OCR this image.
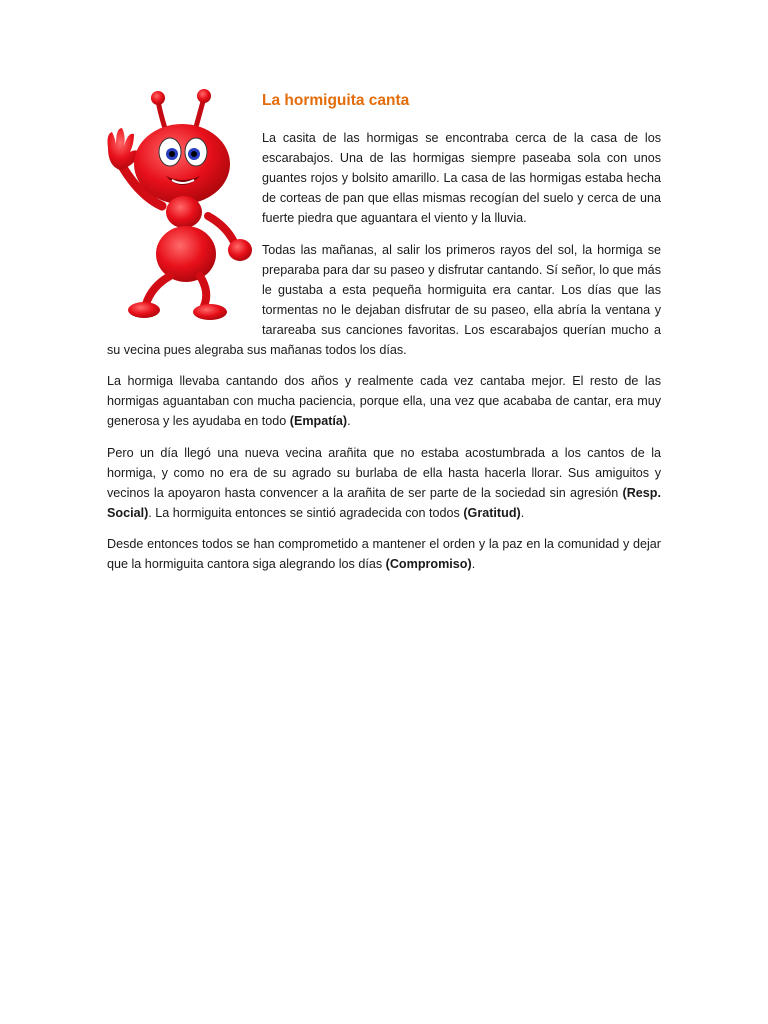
La hormiguita canta

La casita de las hormigas se encontraba cerca de la casa de los escarabajos. Una de las hormigas siempre paseaba sola con unos guantes rojos y bolsito amarillo. La casa de las hormigas estaba hecha de corteas de pan que ellas mismas recogían del suelo y cerca de una fuerte piedra que aguantara el viento y la lluvia.

Todas las mañanas, al salir los primeros rayos del sol, la hormiga se preparaba para dar su paseo y disfrutar cantando. Sí señor, lo que más le gustaba a esta pequeña hormiguita era cantar. Los días que las tormentas no le dejaban disfrutar de su paseo, ella abría la ventana y tarareaba sus canciones favoritas. Los escarabajos querían mucho a su vecina pues alegraba sus mañanas todos los días.

La hormiga llevaba cantando dos años y realmente cada vez cantaba mejor. El resto de las hormigas aguantaban con mucha paciencia, porque ella, una vez que acababa de cantar, era muy generosa y les ayudaba en todo (Empatía).

Pero un día llegó una nueva vecina arañita que no estaba acostumbrada a los cantos de la hormiga, y como no era de su agrado su burlaba de ella hasta hacerla llorar. Sus amiguitos y vecinos la apoyaron hasta convencer a la arañita de ser parte de la sociedad sin agresión (Resp. Social). La hormiguita entonces se sintió agradecida con todos (Gratitud).

Desde entonces todos se han comprometido a mantener el orden y la paz en la comunidad y dejar que la hormiguita cantora siga alegrando los días (Compromiso).
